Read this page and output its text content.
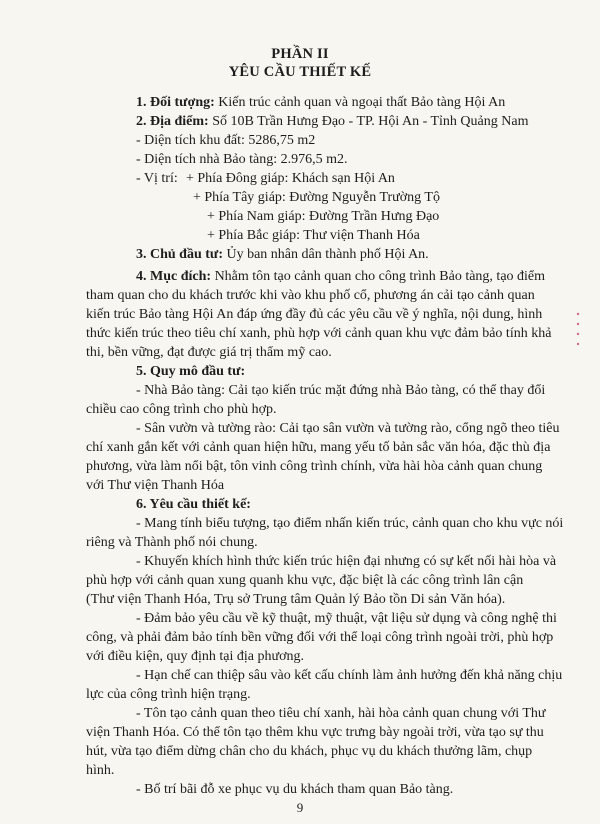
PHẦN II
YÊU CẦU THIẾT KẾ
1. Đối tượng: Kiến trúc cảnh quan và ngoại thất Bảo tàng Hội An
2. Địa điểm: Số 10B Trần Hưng Đạo - TP. Hội An - Tỉnh Quảng Nam
- Diện tích khu đất: 5286,75 m2
- Diện tích nhà Bảo tàng: 2.976,5 m2.
- Vị trí: + Phía Đông giáp: Khách sạn Hội An
+ Phía Tây giáp: Đường Nguyễn Trường Tộ
+ Phía Nam giáp: Đường Trần Hưng Đạo
+ Phía Bắc giáp: Thư viện Thanh Hóa
3. Chủ đầu tư: Ủy ban nhân dân thành phố Hội An.
4. Mục đích: Nhằm tôn tạo cảnh quan cho công trình Bảo tàng, tạo điểm
tham quan cho du khách trước khi vào khu phố cổ, phương án cải tạo cảnh quan
kiến trúc Bảo tàng Hội An đáp ứng đầy đủ các yêu cầu về ý nghĩa, nội dung, hình
thức kiến trúc theo tiêu chí xanh, phù hợp với cảnh quan khu vực đảm bảo tính khả
thi, bền vững, đạt được giá trị thẩm mỹ cao.
5. Quy mô đầu tư:
- Nhà Bảo tàng: Cải tạo kiến trúc mặt đứng nhà Bảo tàng, có thể thay đổi
chiều cao công trình cho phù hợp.
- Sân vườn và tường rào: Cải tạo sân vườn và tường rào, cổng ngõ theo tiêu
chí xanh gắn kết với cảnh quan hiện hữu, mang yếu tố bản sắc văn hóa, đặc thù địa
phương, vừa làm nổi bật, tôn vinh công trình chính, vừa hài hòa cảnh quan chung
với Thư viện Thanh Hóa
6. Yêu cầu thiết kế:
- Mang tính biểu tượng, tạo điểm nhấn kiến trúc, cảnh quan cho khu vực nói
riêng và Thành phố nói chung.
- Khuyến khích hình thức kiến trúc hiện đại nhưng có sự kết nối hài hòa và
phù hợp với cảnh quan xung quanh khu vực, đặc biệt là các công trình lân cận
(Thư viện Thanh Hóa, Trụ sở Trung tâm Quản lý Bảo tồn Di sản Văn hóa).
- Đảm bảo yêu cầu về kỹ thuật, mỹ thuật, vật liệu sử dụng và công nghệ thi
công, và phải đảm bảo tính bền vững đối với thể loại công trình ngoài trời, phù hợp
với điều kiện, quy định tại địa phương.
- Hạn chế can thiệp sâu vào kết cấu chính làm ảnh hưởng đến khả năng chịu
lực của công trình hiện trạng.
- Tôn tạo cảnh quan theo tiêu chí xanh, hài hòa cảnh quan chung với Thư
viện Thanh Hóa. Có thể tôn tạo thêm khu vực trưng bày ngoài trời, vừa tạo sự thu
hút, vừa tạo điểm dừng chân cho du khách, phục vụ du khách thưởng lãm, chụp
hình.
- Bố trí bãi đỗ xe phục vụ du khách tham quan Bảo tàng.
9
